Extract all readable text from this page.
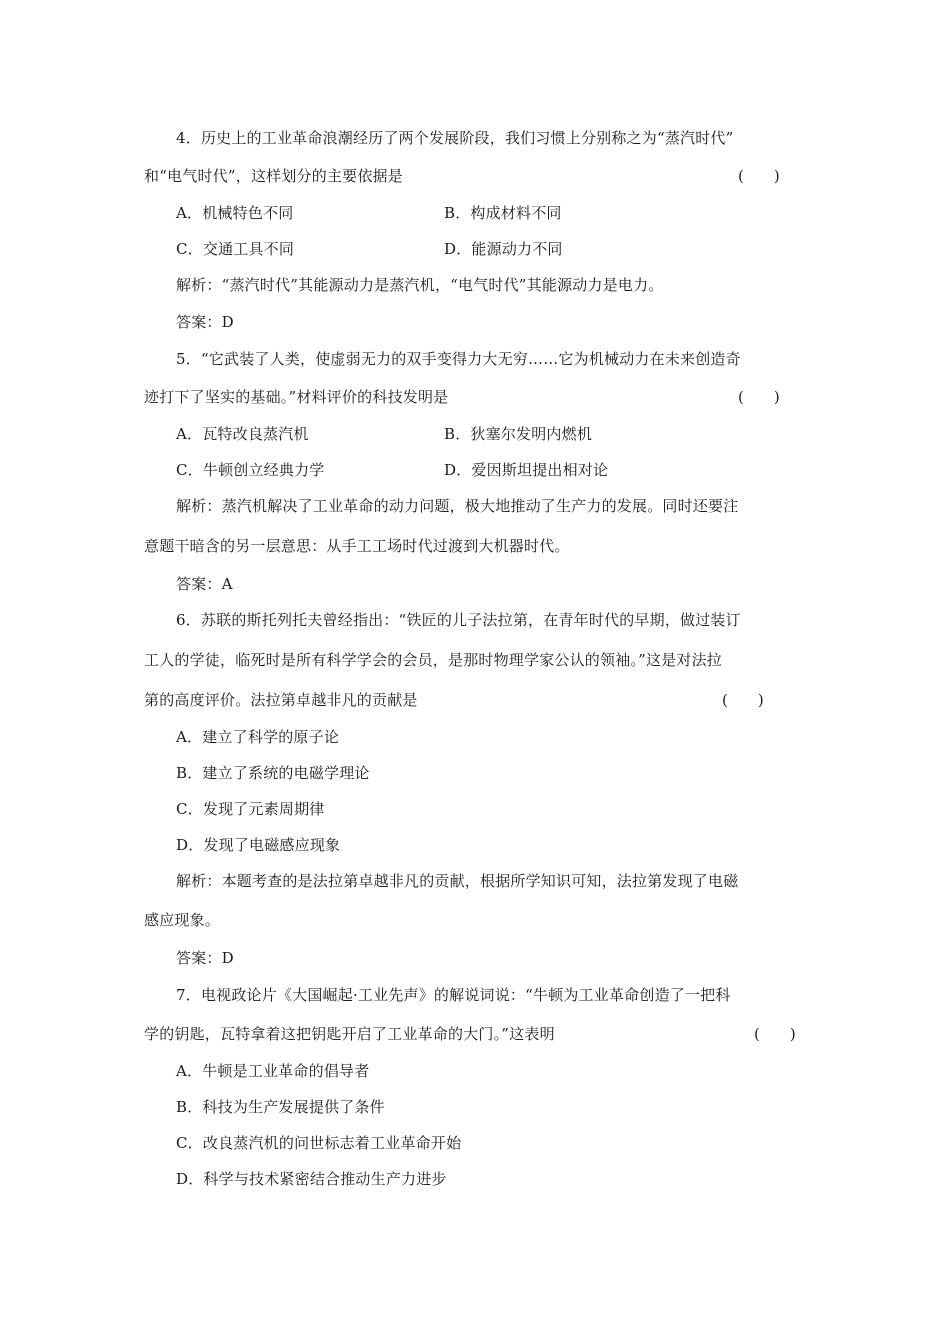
4．历史上的工业革命浪潮经历了两个发展阶段，我们习惯上分别称之为“蒸汽时代”
和“电气时代”，这样划分的主要依据是	(　　)
A．机械特色不同	B．构成材料不同
C．交通工具不同	D．能源动力不同
解析：“蒸汽时代”其能源动力是蒸汽机，“电气时代”其能源动力是电力。
答案：D
5．“它武装了人类，使虚弱无力的双手变得力大无穷……它为机械动力在未来创造奇
迹打下了坚实的基础。”材料评价的科技发明是	(　　)
A．瓦特改良蒸汽机	B．狄塞尔发明内燃机
C．牛顿创立经典力学	D．爱因斯坦提出相对论
解析：蒸汽机解决了工业革命的动力问题，极大地推动了生产力的发展。同时还要注
意题干暗含的另一层意思：从手工工场时代过渡到大机器时代。
答案：A
6．苏联的斯托列托夫曾经指出：“铁匠的儿子法拉第，在青年时代的早期，做过装订
工人的学徒，临死时是所有科学学会的会员，是那时物理学家公认的领袖。”这是对法拉
第的高度评价。法拉第卓越非凡的贡献是	(　　)
A．建立了科学的原子论
B．建立了系统的电磁学理论
C．发现了元素周期律
D．发现了电磁感应现象
解析：本题考查的是法拉第卓越非凡的贡献，根据所学知识可知，法拉第发现了电磁
感应现象。
答案：D
7．电视政论片《大国崛起·工业先声》的解说词说：“牛顿为工业革命创造了一把科
学的钥匙，瓦特拿着这把钥匙开启了工业革命的大门。”这表明	(　　)
A．牛顿是工业革命的倡导者
B．科技为生产发展提供了条件
C．改良蒸汽机的问世标志着工业革命开始
D．科学与技术紧密结合推动生产力进步
